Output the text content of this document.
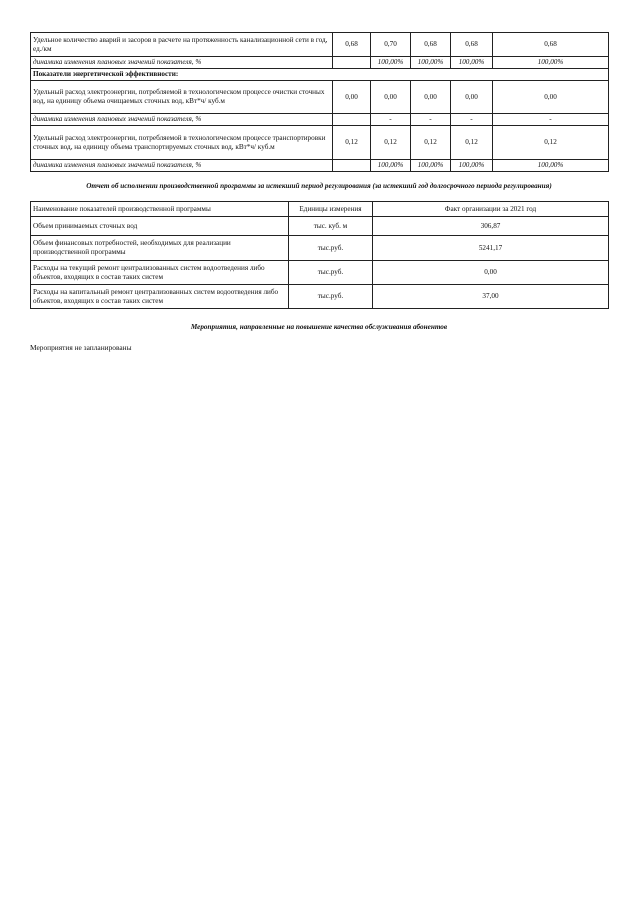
Удельное количество аварий и засоров в расчете на протяженность канализационной сети в год, ед./км	0,68	0,70	0,68	0,68	0,68
динамика изменения плановых значений показателя, %		100,00%	100,00%	100,00%	100,00%
Показатели энергетической эффективности:					
Удельный расход электроэнергии, потребляемой в технологическом процессе очистки сточных вод, на единицу объема очищаемых сточных вод, кВт*ч/ куб.м	0,00	0,00	0,00	0,00	0,00
динамика изменения плановых значений показателя, %		-	-	-	-
Удельный расход электроэнергии, потребляемой в технологическом процессе транспортировки сточных вод, на единицу объема транспортируемых сточных вод, кВт*ч/ куб.м	0,12	0,12	0,12	0,12	0,12
динамика изменения плановых значений показателя, %		100,00%	100,00%	100,00%	100,00%
Отчет об исполнении производственной программы за истекший период регулирования (за истекший год долгосрочного периода регулирования)
Наименование показателей производственной программы	Единицы измерения	Факт организации за 2021 год
Объем принимаемых сточных вод	тыс. куб. м	306,87
Объем финансовых потребностей, необходимых для реализации производственной программы	тыс.руб.	5241,17
Расходы на текущий ремонт централизованных систем водоотведения либо объектов, входящих в состав таких систем	тыс.руб.	0,00
Расходы на капитальный ремонт централизованных систем водоотведения либо объектов, входящих в состав таких систем	тыс.руб.	37,00
Мероприятия, направленные на повышение качества обслуживания абонентов
Мероприятия не запланированы
